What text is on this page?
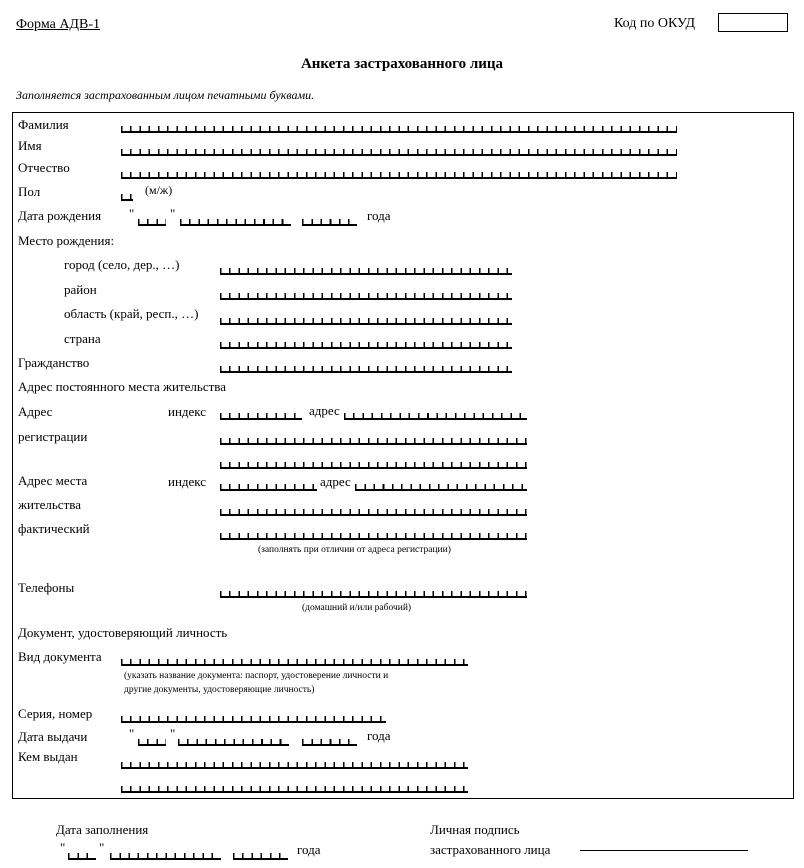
Форма АДВ-1	Код по ОКУД
Анкета застрахованного лица
Заполняется застрахованным лицом печатными буквами.
Фамилия
Имя
Отчество
Пол	(м/ж)
Дата рождения "	"	года
Место рождения:
город (село, дер., …)
район
область (край, респ., …)
страна
Гражданство
Адрес постоянного места жительства
Адрес
регистрации
индекс	адрес
Адрес места
жительства
фактический
индекс	адрес
(заполнять при отличии от адреса регистрации)
Телефоны
(домашний и/или рабочий)
Документ, удостоверяющий личность
Вид документа
(указать название документа: паспорт, удостоверение личности и
другие документы, удостоверяющие личность)
Серия, номер
Дата выдачи	"	"	года
Кем выдан
Дата заполнения
"	"	года
Личная подпись
застрахованного лица
